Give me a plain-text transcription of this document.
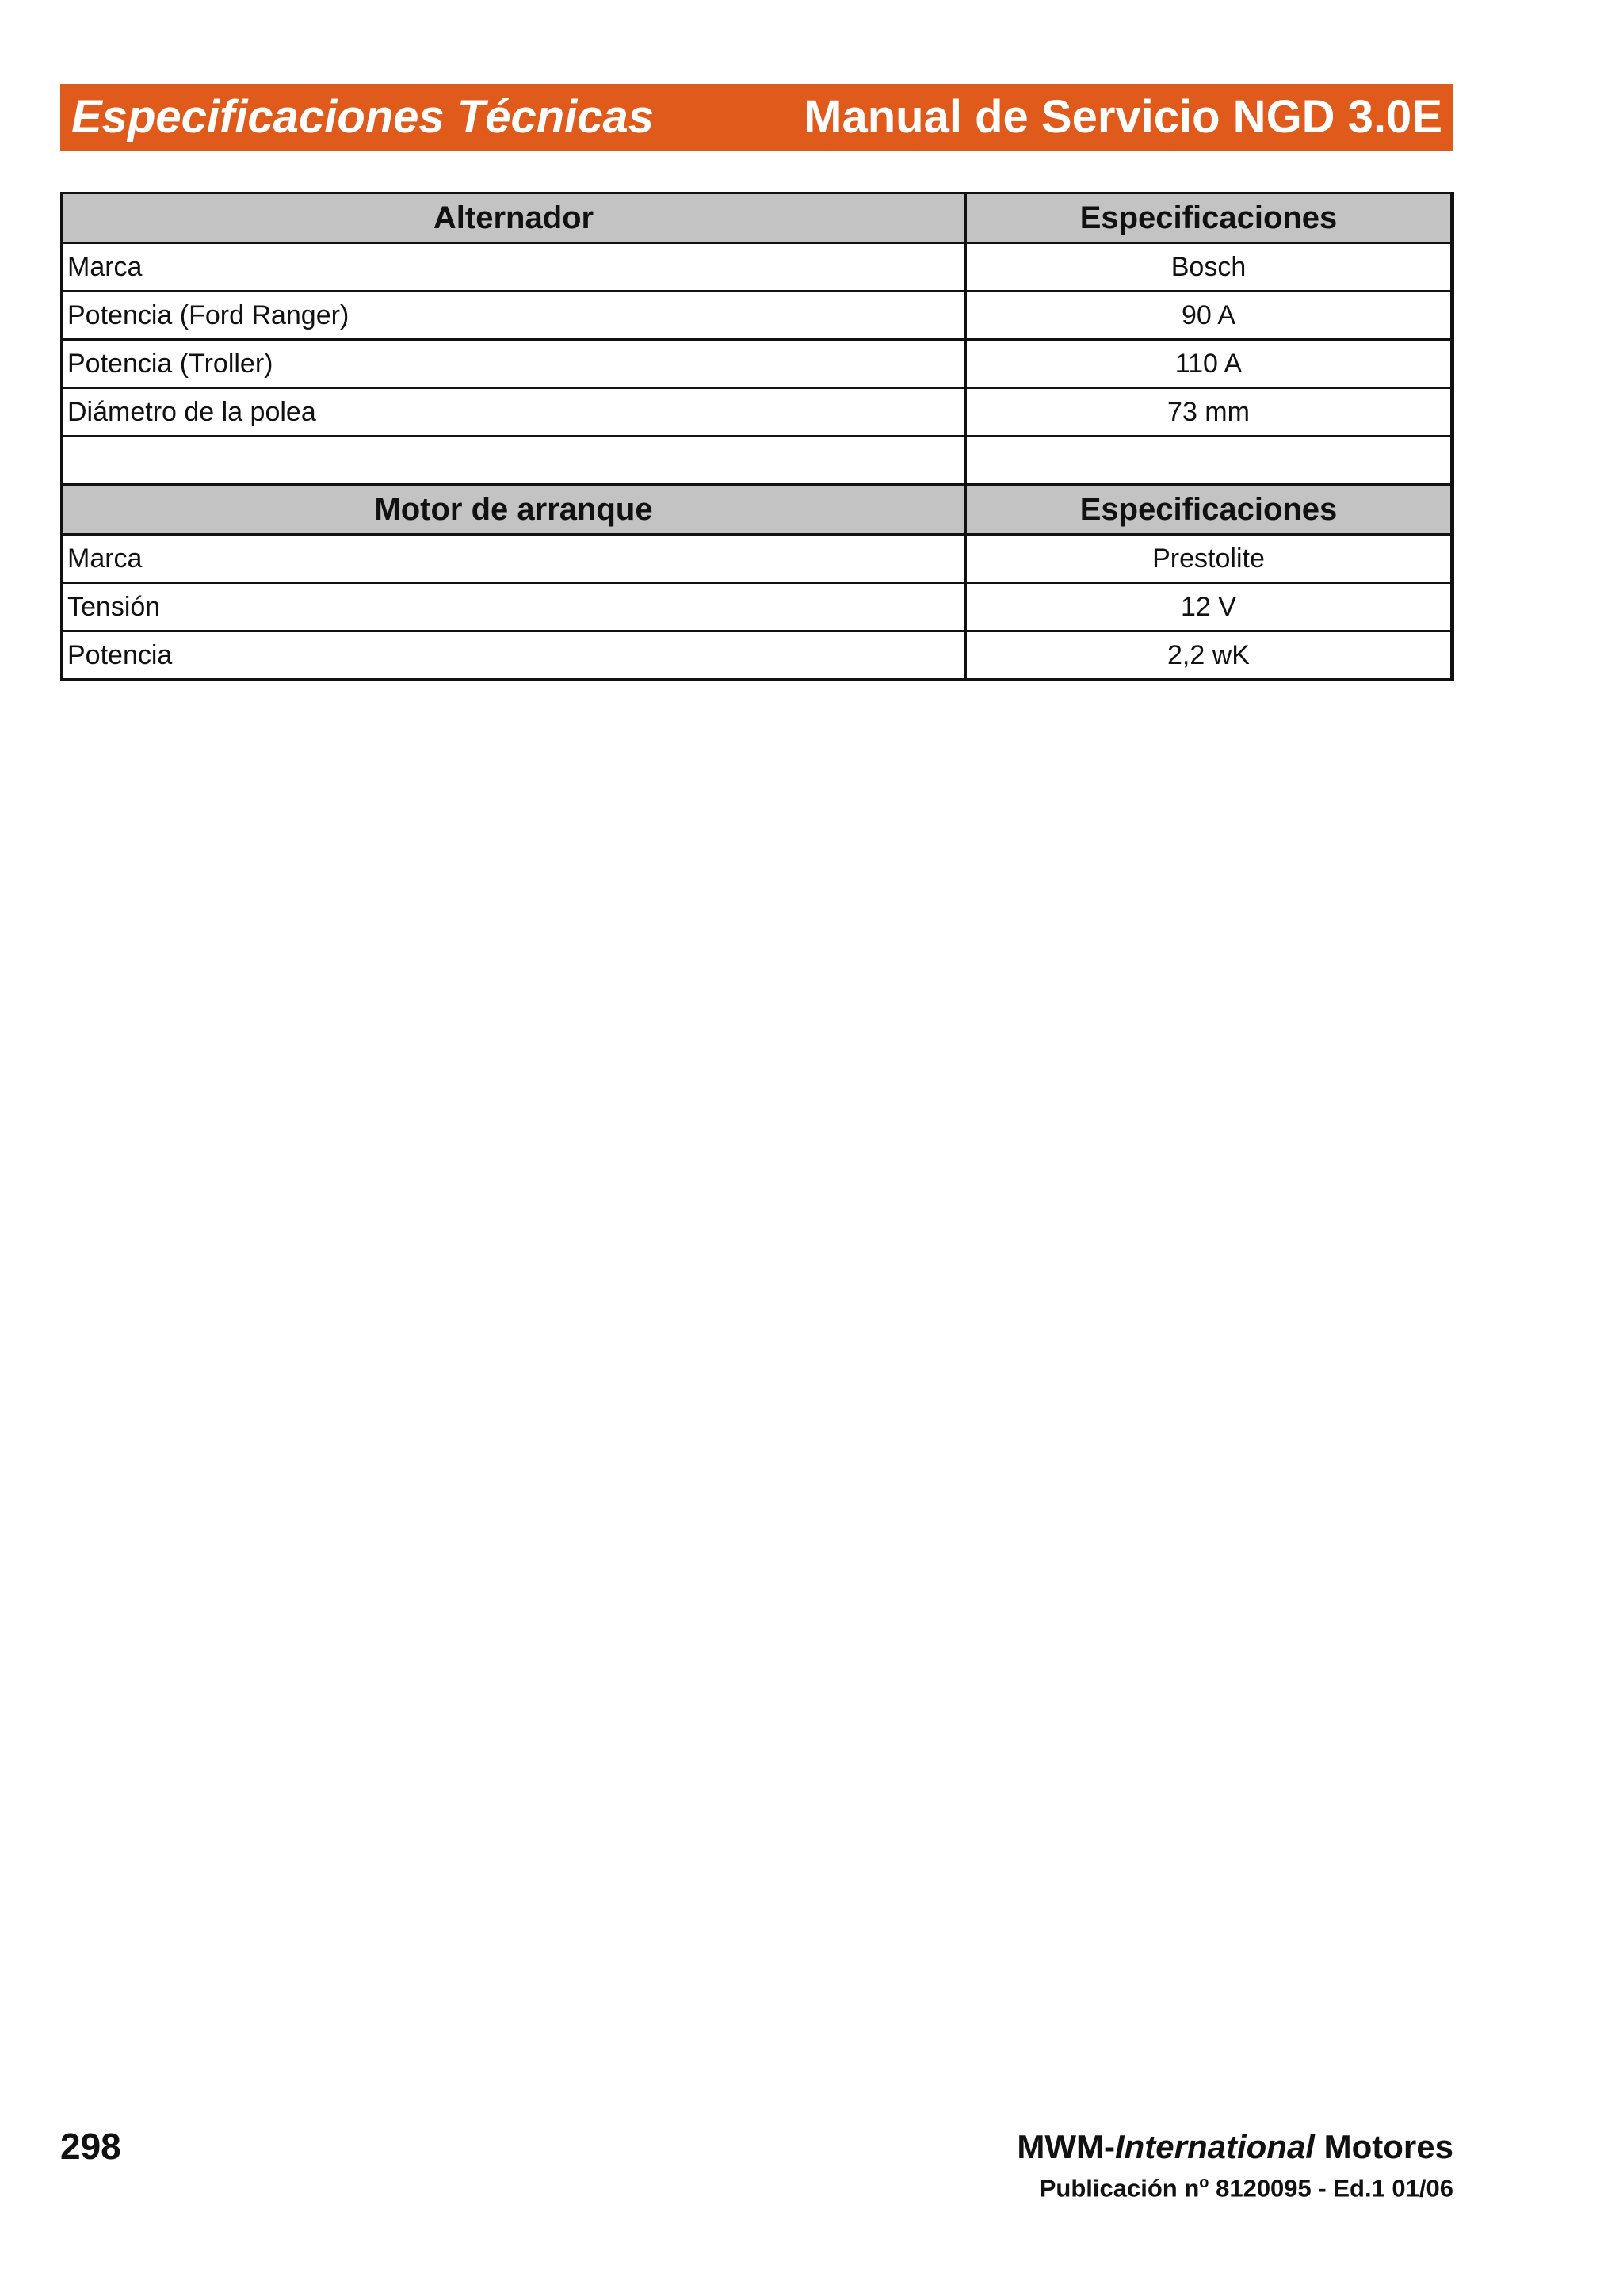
Especificaciones Técnicas	Manual de Servicio NGD 3.0E
Alternador	Especificaciones
Marca	Bosch
Potencia (Ford Ranger)	90 A
Potencia (Troller)	110 A
Diámetro de la polea	73 mm

Motor de arranque	Especificaciones
Marca	Prestolite
Tensión	12 V
Potencia	2,2 wK
298	MWM-International Motores
Publicación $n^o$ 8120095 - Ed.1 01/06
